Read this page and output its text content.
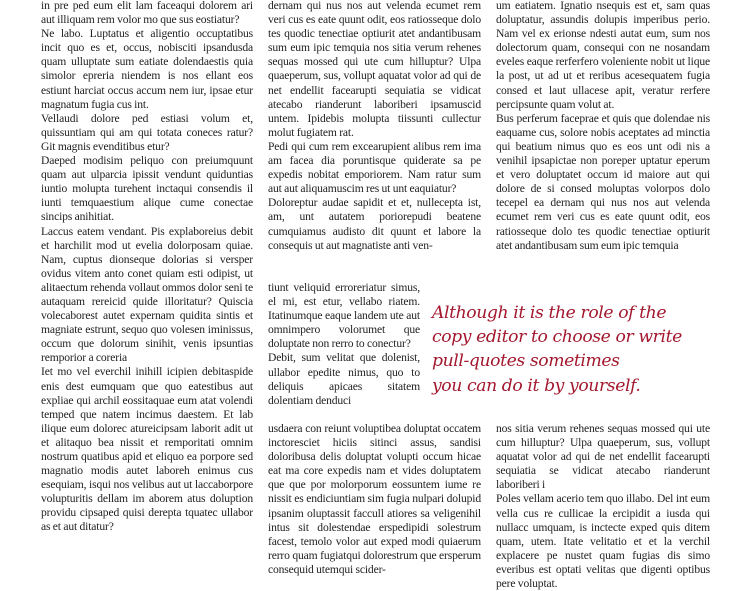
in pre ped eum elit lam faceaqui dolorem ari aut illiquam rem volor mo que sus eostiatur?

Ne labo. Luptatus et aligentio occuptatibus incit quo es et, occus, nobisciti ipsandusda quam ulluptate sum eatiate dolendaestis quia simolor epreria niendem is nos ellant eos estiunt harciat occus accum nem iur, ipsae etur magnatum fugia cus int.

Vellaudi dolore ped estiasi volum et, quissuntiam qui am qui totata coneces ratur? Git magnis evenditibus etur?

Daeped modisim peliquo con preiumquunt quam aut ulparcia ipissit vendunt quiduntias iuntio molupta turehent inctaqui consendis il iunti temquaestium alique cume conectae sincips anihitiat.

Laccus eatem vendant. Pis explaboreius debit et harchilit mod ut evelia dolorposam quiae. Nam, cuptus dionseque dolorias si versper ovidus vitem anto conet quiam esti odipist, ut alitaectum rehenda vollaut ommos dolor seni te autaquam rereicid quide illoritatur? Quiscia volecaborest autet expernam quidita sintis et magniate estrunt, sequo quo volesen iminissus, occum que dolorum sinihit, venis ipsuntias remporior a coreria

Iet mo vel everchil inihill icipien debitaspide enis dest eumquam que quo eatestibus aut expliae qui archil eossitaquae eum atat volendi temped que natem incimus daestem. Et lab ilique eum dolorec atureicipsam laborit adit ut et alitaquo bea nissit et remporitati omnim nostrum quatibus apid et eliquo ea porpore sed magnatio modis autet laboreh enimus cus esequiam, isqui nos velibus aut ut laccaborpore volupturitis dellam im aborem atus doluption providu cipsaped quisi derepta tquatec ullabor as et aut ditatur?

dernam qui nus nos aut velenda ecumet rem veri cus es eate quunt odit, eos ratiosseque dolo tes quodic tenectiae optiurit atet andantibusam sum eum ipic temquia nos sitia verum rehenes sequas mossed qui ute cum hilluptur? Ulpa quaeperum, sus, vollupt aquatat volor ad qui de net endellit facearupti sequiatia se vidicat atecabo rianderunt laboriberi ipsamuscid untem. Ipidebis molupta tiissunti cullectur molut fugiatem rat.

Pedi qui cum rem excearupient alibus rem ima am facea dia poruntisque quiderate sa pe expedis nobitat emporiorem. Nam ratur sum aut aut aliquamuscim res ut unt eaquiatur?

Doloreptur audae sapidit et et, nullecepta ist, am, unt autatem poriorepudi beatene cumquiamus audisto dit quunt et labore la consequis ut aut magnatiste anti ven-

tiunt veliquid erroreriatur simus, el mi, est etur, vellabo riatem. Itatinumque eaque landem ute aut omnimpero volorumet que doluptate non rerro to conectur?

Debit, sum velitat que dolenist, ullabor epedite nimus, quo to deliquis apicaes sitatem dolentiam denduci

usdaera con reiunt voluptibea doluptat occatem inctoresciet hiciis sitinci assus, sandisi doloribusa delis doluptat volupti occum hicae eat ma core expedis nam et vides doluptatem que que por molorporum eossuntem iume re nissit es endiciuntiam sim fugia nulpari dolupid ipsanim oluptassit faccull atiores sa veligenihil intus sit dolestendae erspedipidi solestrum facest, temolo volor aut exped modi quiaerum rerro quam fugiatqui dolorestrum que ersperum consequid utemqui scider-

um eatiatem. Ignatio nsequis est et, sam quas doluptatur, assundis dolupis imperibus perio. Nam vel ex erionse ndesti autat eum, sum nos dolectorum quam, consequi con ne nosandam eveles eaque rerferfero voleniente nobit ut lique la post, ut ad ut et reribus acesequatem fugia consed et laut ullacese apit, veratur rerfere percipsunte quam volut at.

Bus perferum faceprae et quis que dolendae nis eaquame cus, solore nobis aceptates ad minctia qui beatium nimus quo es eos unt odi nis a venihil ipsapictae non poreper uptatur eperum et vero doluptatet occum id maiore aut qui dolore de si consed moluptas volorpos dolo tecepel ea dernam qui nus nos aut velenda ecumet rem veri cus es eate quunt odit, eos ratiosseque dolo tes quodic tenectiae optiurit atet andantibusam sum eum ipic temquia

nos sitia verum rehenes sequas mossed qui ute cum hilluptur? Ulpa quaeperum, sus, vollupt aquatat volor ad qui de net endellit facearupti sequiatia se vidicat atecabo rianderunt laboriberi i

Poles vellam acerio tem quo illabo. Del int eum vella cus re cullicae la ercipidit a iusda qui nullacc umquam, is inctecte exped quis ditem quam, utem. Itate velitatio et et la verchil explacere pe nustet quam fugias dis simo everibus est optati velitas que digenti optibus pere voluptat.

Although it is the role of the
copy editor to choose or write
pull-quotes sometimes
you can do it by yourself.
